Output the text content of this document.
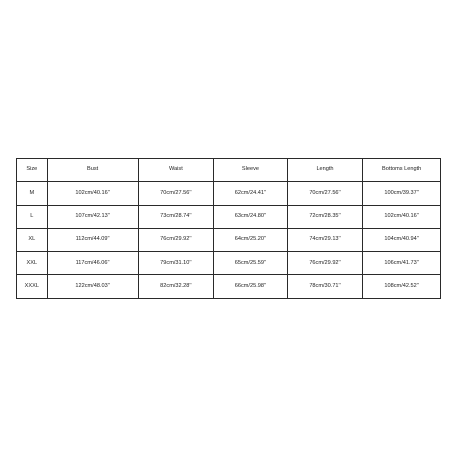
Size	Bust	Waist	Sleeve	Length	Bottoms Length
M	102cm/40.16''	70cm/27.56''	62cm/24.41''	70cm/27.56''	100cm/39.37''
L	107cm/42.13''	73cm/28.74''	63cm/24.80''	72cm/28.35''	102cm/40.16''
XL	112cm/44.09''	76cm/29.92''	64cm/25.20''	74cm/29.13''	104cm/40.94''
XXL	117cm/46.06''	79cm/31.10''	65cm/25.59''	76cm/29.92''	106cm/41.73''
XXXL	122cm/48.03''	82cm/32.28''	66cm/25.98''	78cm/30.71''	108cm/42.52''
